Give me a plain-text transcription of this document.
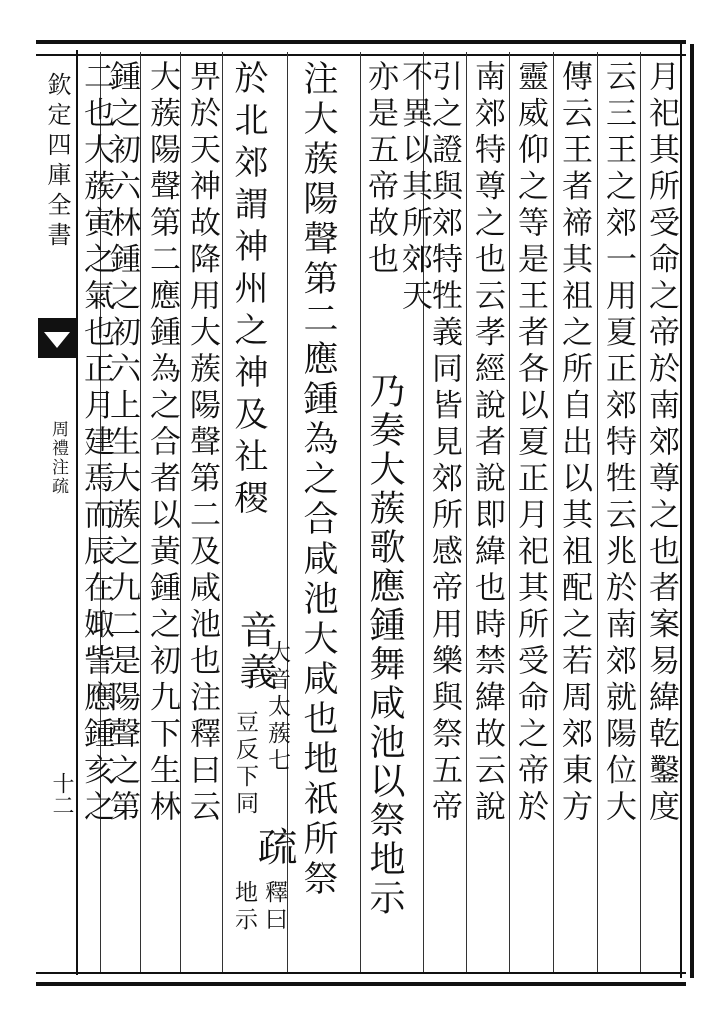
欽定四庫全書
周禮注疏
十二	月祀其所受命之帝於南郊尊之也者案易緯乾鑿度
云三王之郊一用夏正郊特牲云兆於南郊就陽位大
傳云王者禘其祖之所自出以其祖配之若周郊東方
靈威仰之等是王者各以夏正月祀其所受命之帝於
南郊特尊之也云孝經說者說即緯也時禁緯故云說
引之證與郊特牲義同皆見郊所感帝用樂與祭五帝
不異以其所郊天
亦是五帝故也
乃奏大蔟歌應鍾舞咸池以祭地示
注大蔟陽聲第二應鍾為之合咸池大咸也地祇所祭
於北郊謂神州之神及社稷
音義
大音太蔟七
豆反下同
疏
釋曰
地示
畀於天神故降用大蔟陽聲第二及咸池也注釋曰云
大蔟陽聲第二應鍾為之合者以黃鍾之初九下生林
鍾之初六林鍾之初六上生大蔟之九二是陽聲之第
二也大蔟寅之氣也正月建焉而辰在娵訾應鍾亥之
